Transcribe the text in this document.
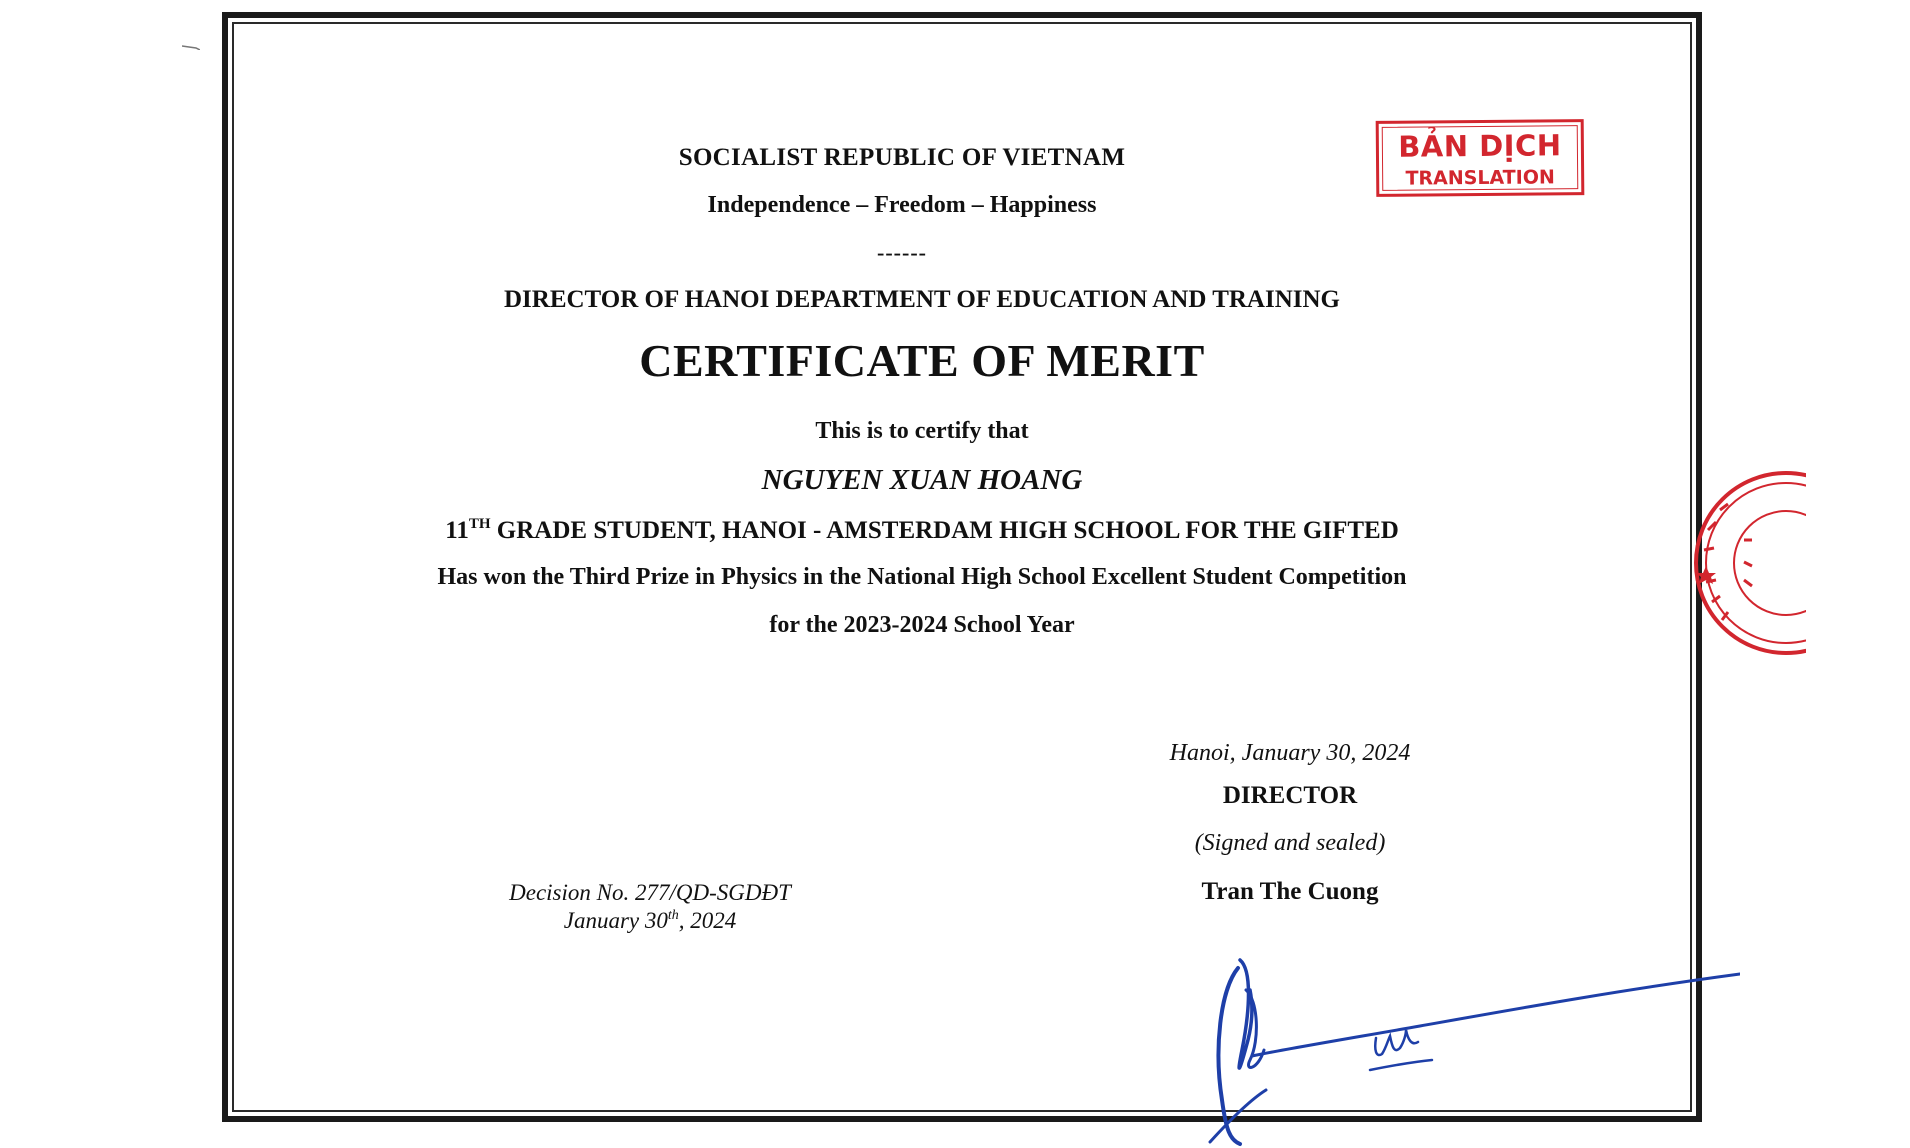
BẢN DỊCH
TRANSLATION
SOCIALIST REPUBLIC OF VIETNAM
Independence – Freedom – Happiness
------
DIRECTOR OF HANOI DEPARTMENT OF EDUCATION AND TRAINING
CERTIFICATE OF MERIT
This is to certify that
NGUYEN XUAN HOANG
11TH GRADE STUDENT, HANOI - AMSTERDAM HIGH SCHOOL FOR THE GIFTED
Has won the Third Prize in Physics in the National High School Excellent Student Competition
for the 2023-2024 School Year
Hanoi, January 30, 2024
DIRECTOR
(Signed and sealed)
Tran The Cuong
Decision No. 277/QD-SGDĐT
January 30th, 2024
